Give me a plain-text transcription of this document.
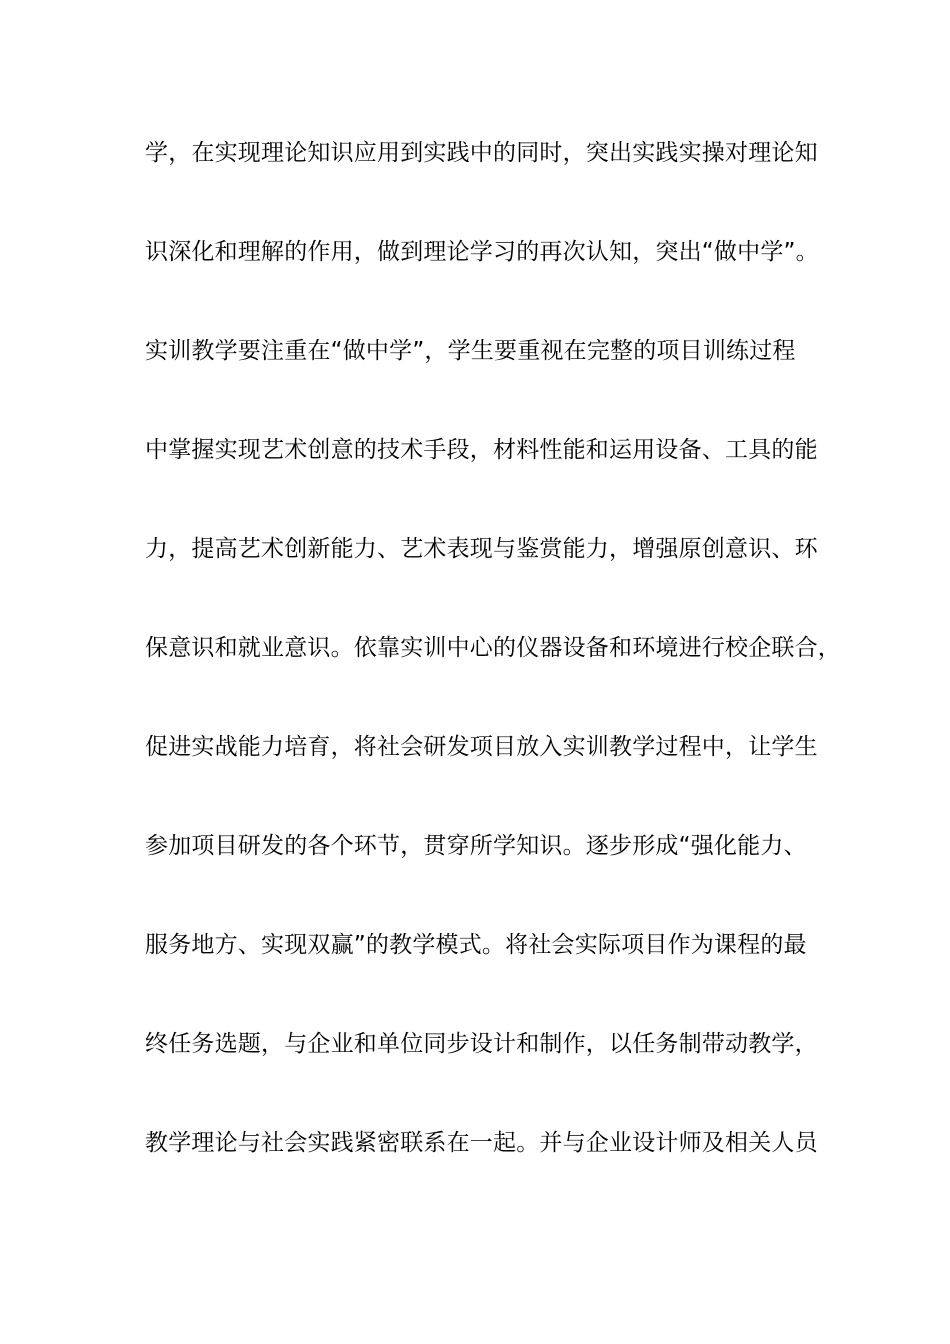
学，在实现理论知识应用到实践中的同时，突出实践实操对理论知
识深化和理解的作用，做到理论学习的再次认知，突出“做中学”。
实训教学要注重在“做中学”，学生要重视在完整的项目训练过程
中掌握实现艺术创意的技术手段，材料性能和运用设备、工具的能
力，提高艺术创新能力、艺术表现与鉴赏能力，增强原创意识、环
保意识和就业意识。依靠实训中心的仪器设备和环境进行校企联合，
促进实战能力培育，将社会研发项目放入实训教学过程中，让学生
参加项目研发的各个环节，贯穿所学知识。逐步形成“强化能力、
服务地方、实现双赢”的教学模式。将社会实际项目作为课程的最
终任务选题，与企业和单位同步设计和制作，以任务制带动教学，
教学理论与社会实践紧密联系在一起。并与企业设计师及相关人员
